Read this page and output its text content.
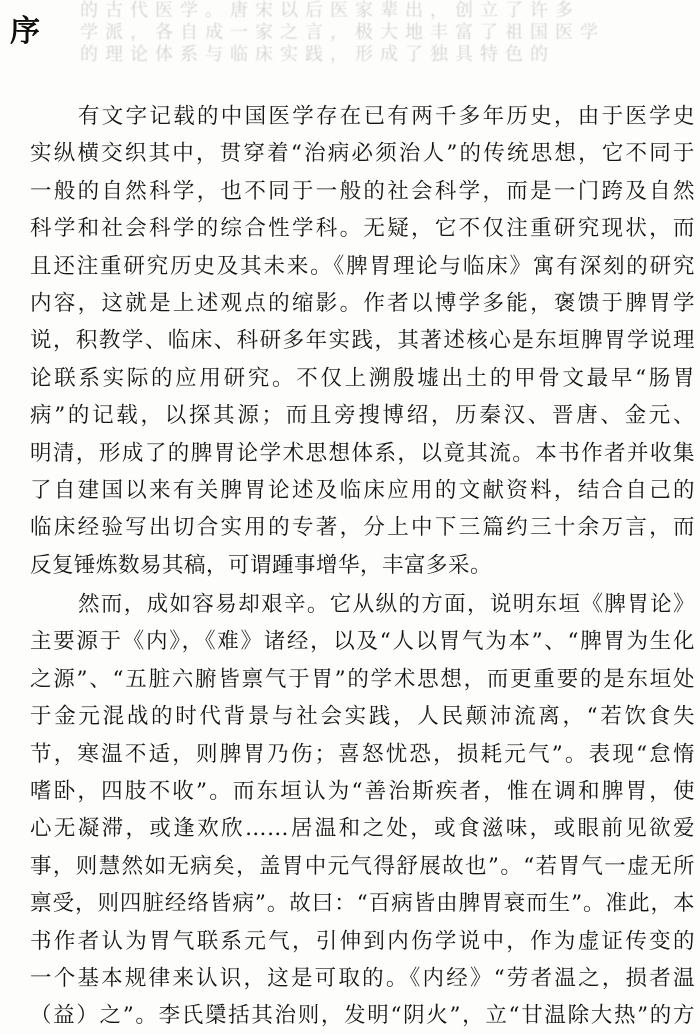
的古代医学。唐宋以后医家辈出，创立了许多
学派，各自成一家之言，极大地丰富了祖国医学
的理论体系与临床实践，形成了独具特色的
序
有文字记载的中国医学存在已有两千多年历史，由于医学史
实纵横交织其中，贯穿着“治病必须治人”的传统思想，它不同于
一般的自然科学，也不同于一般的社会科学，而是一门跨及自然
科学和社会科学的综合性学科。无疑，它不仅注重研究现状，而
且还注重研究历史及其未来。《脾胃理论与临床》寓有深刻的研究
内容，这就是上述观点的缩影。作者以博学多能，褒馈于脾胃学
说，积教学、临床、科研多年实践，其著述核心是东垣脾胃学说理
论联系实际的应用研究。不仅上溯殷墟出土的甲骨文最早“肠胃
病”的记载，以探其源；而且旁搜博绍，历秦汉、晋唐、金元、
明清，形成了的脾胃论学术思想体系，以竟其流。本书作者并收集
了自建国以来有关脾胃论述及临床应用的文献资料，结合自己的
临床经验写出切合实用的专著，分上中下三篇约三十余万言，而
反复锤炼数易其稿，可谓踵事增华，丰富多采。
然而，成如容易却艰辛。它从纵的方面，说明东垣《脾胃论》
主要源于《内》，《难》诸经，以及“人以胃气为本”、“脾胃为生化
之源”、“五脏六腑皆禀气于胃”的学术思想，而更重要的是东垣处
于金元混战的时代背景与社会实践，人民颠沛流离，“若饮食失
节，寒温不适，则脾胃乃伤；喜怒忧恐，损耗元气”。表现“怠惰
嗜卧，四肢不收”。而东垣认为“善治斯疾者，惟在调和脾胃，使
心无凝滞，或逢欢欣……居温和之处，或食滋味，或眼前见欲爱
事，则慧然如无病矣，盖胃中元气得舒展故也”。“若胃气一虚无所
禀受，则四脏经络皆病”。故曰：“百病皆由脾胃衰而生”。准此，本
书作者认为胃气联系元气，引伸到内伤学说中，作为虚证传变的
一个基本规律来认识，这是可取的。《内经》“劳者温之，损者温
（益）之”。李氏檃括其治则，发明“阴火”，立“甘温除大热”的方
